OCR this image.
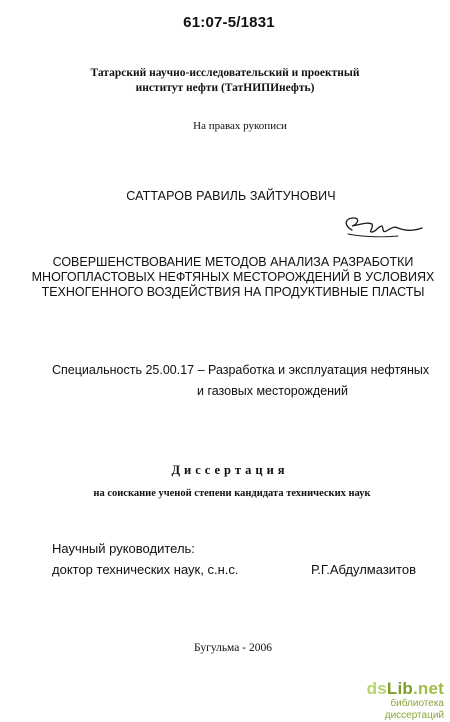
61:07-5/1831
Татарский научно-исследовательский и проектный
институт нефти (ТатНИПИнефть)
На правах рукописи
САТТАРОВ РАВИЛЬ ЗАЙТУНОВИЧ
СОВЕРШЕНСТВОВАНИЕ МЕТОДОВ АНАЛИЗА РАЗРАБОТКИ
МНОГОПЛАСТОВЫХ НЕФТЯНЫХ МЕСТОРОЖДЕНИЙ В УСЛОВИЯХ
ТЕХНОГЕННОГО ВОЗДЕЙСТВИЯ НА ПРОДУКТИВНЫЕ ПЛАСТЫ
Специальность 25.00.17 – Разработка и эксплуатация нефтяных
и газовых месторождений
Диссертация
на соискание ученой степени кандидата технических наук
Научный руководитель:
доктор технических наук, с.н.с.	Р.Г.Абдулмазитов
Бугульма - 2006
dsLib.net
библиотека диссертаций
